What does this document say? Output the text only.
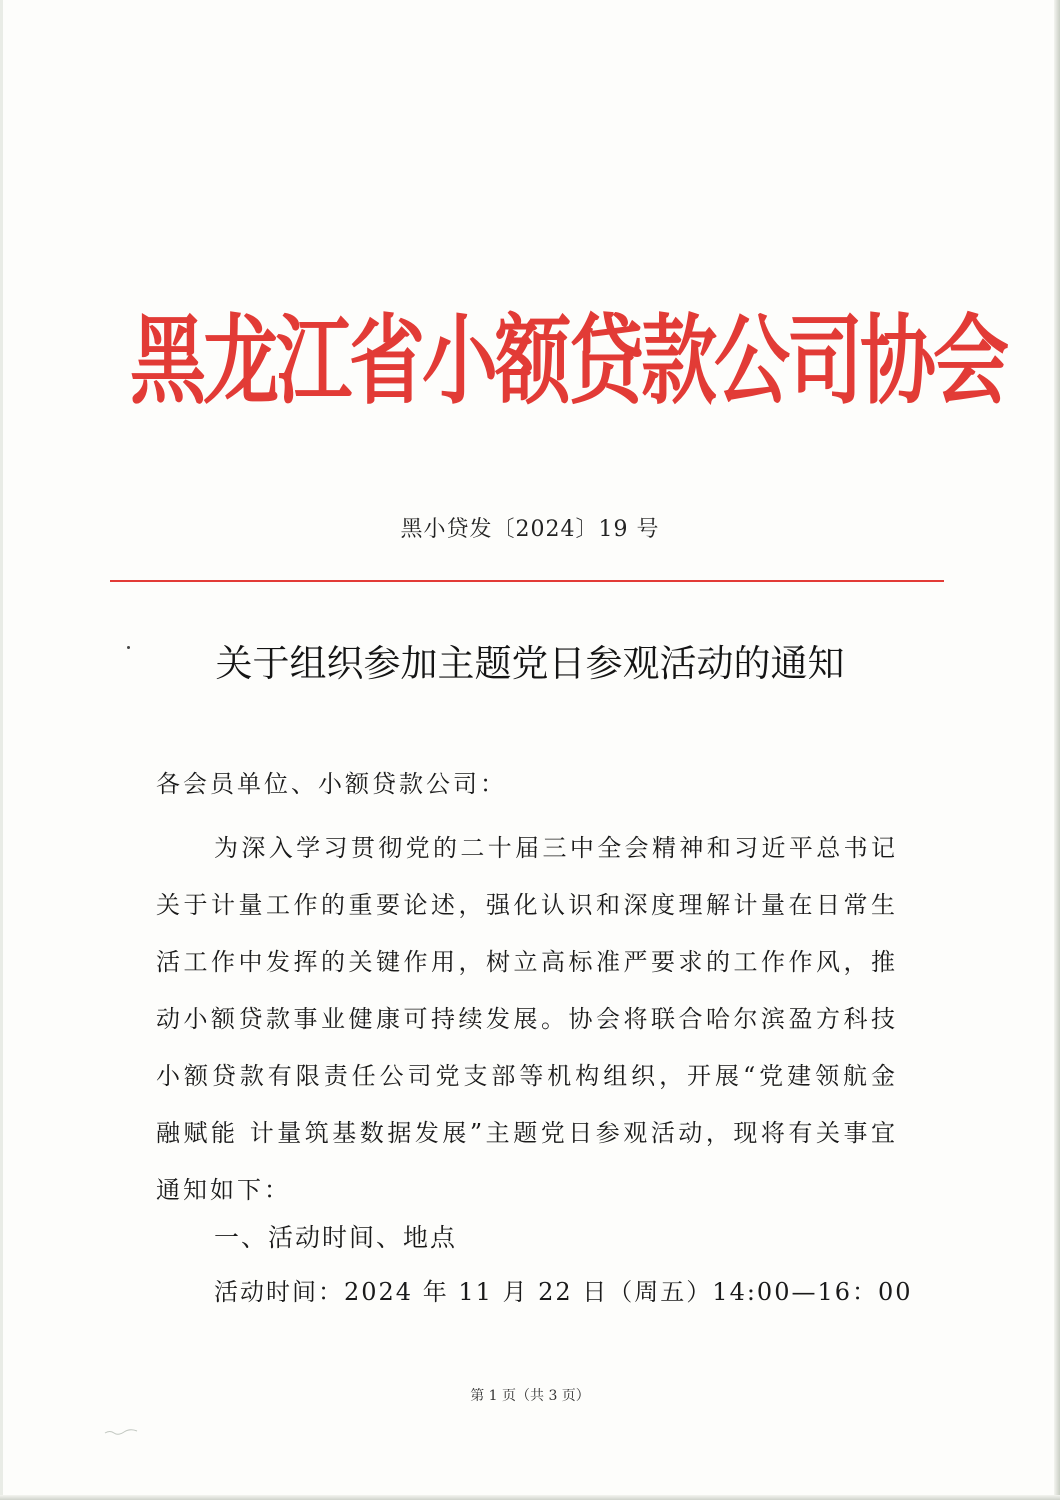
黑龙江省小额贷款公司协会
黑小贷发〔2024〕19 号
关于组织参加主题党日参观活动的通知
各会员单位、小额贷款公司：

为深入学习贯彻党的二十届三中全会精神和习近平总书记关于计量工作的重要论述，强化认识和深度理解计量在日常生活工作中发挥的关键作用，树立高标准严要求的工作作风，推动小额贷款事业健康可持续发展。协会将联合哈尔滨盈方科技小额贷款有限责任公司党支部等机构组织，开展“党建领航金融赋能 计量筑基数据发展”主题党日参观活动，现将有关事宜通知如下：

一、活动时间、地点
活动时间：2024 年 11 月 22 日（周五）14:00—16：00
第 1 页（共 3 页）
